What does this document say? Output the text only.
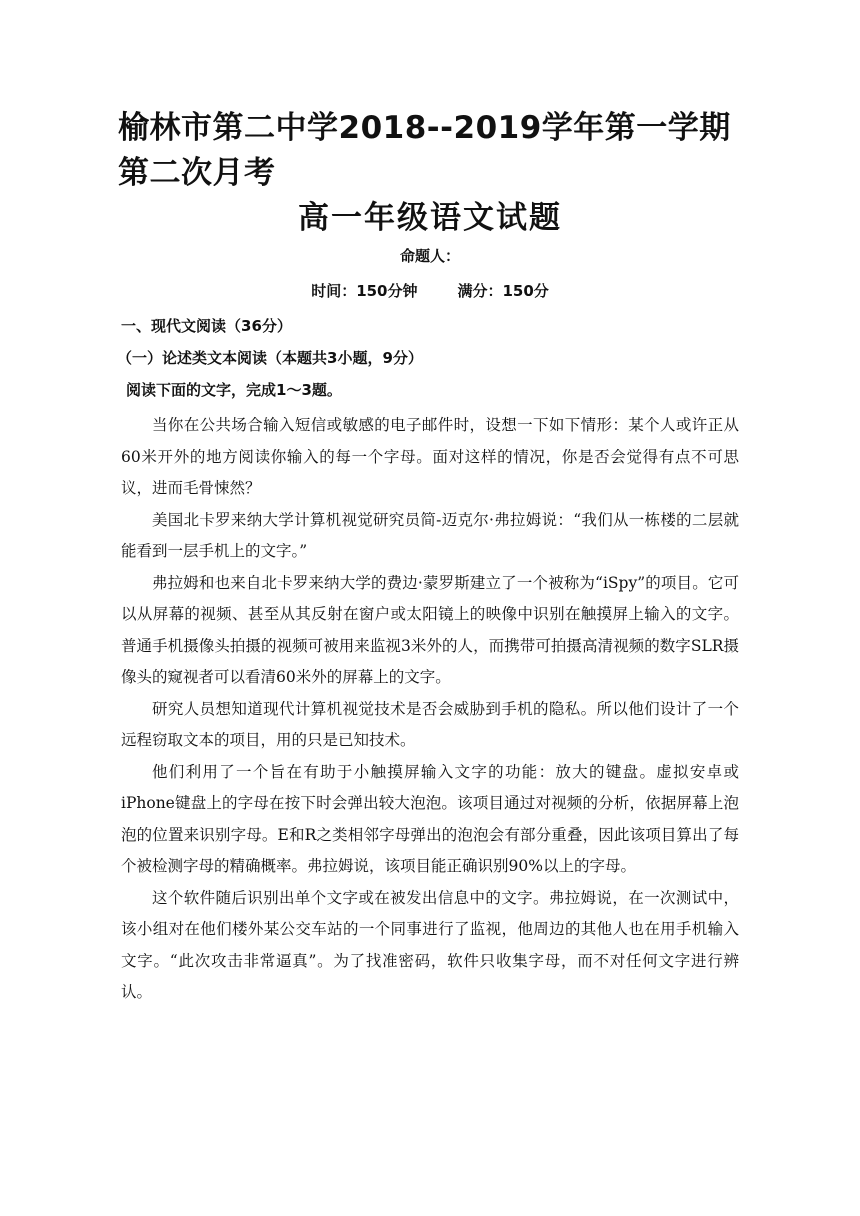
榆林市第二中学2018--2019学年第一学期
第二次月考
高一年级语文试题
命题人：
时间：150分钟	满分：150分
一、现代文阅读（36分）
（一）论述类文本阅读（本题共3小题，9分）
阅读下面的文字，完成1～3题。

当你在公共场合输入短信或敏感的电子邮件时，设想一下如下情形：某个人或许正从60米开外的地方阅读你输入的每一个字母。面对这样的情况，你是否会觉得有点不可思议，进而毛骨悚然？

美国北卡罗来纳大学计算机视觉研究员简-迈克尔·弗拉姆说：“我们从一栋楼的二层就能看到一层手机上的文字。”

弗拉姆和也来自北卡罗来纳大学的费边·蒙罗斯建立了一个被称为“iSpy”的项目。它可以从屏幕的视频、甚至从其反射在窗户或太阳镜上的映像中识别在触摸屏上输入的文字。普通手机摄像头拍摄的视频可被用来监视3米外的人，而携带可拍摄高清视频的数字SLR摄像头的窥视者可以看清60米外的屏幕上的文字。

研究人员想知道现代计算机视觉技术是否会威胁到手机的隐私。所以他们设计了一个远程窃取文本的项目，用的只是已知技术。

他们利用了一个旨在有助于小触摸屏输入文字的功能：放大的键盘。虚拟安卓或iPhone键盘上的字母在按下时会弹出较大泡泡。该项目通过对视频的分析，依据屏幕上泡泡的位置来识别字母。E和R之类相邻字母弹出的泡泡会有部分重叠，因此该项目算出了每个被检测字母的精确概率。弗拉姆说，该项目能正确识别90%以上的字母。

这个软件随后识别出单个文字或在被发出信息中的文字。弗拉姆说，在一次测试中，该小组对在他们楼外某公交车站的一个同事进行了监视，他周边的其他人也在用手机输入文字。“此次攻击非常逼真”。为了找准密码，软件只收集字母，而不对任何文字进行辨认。
